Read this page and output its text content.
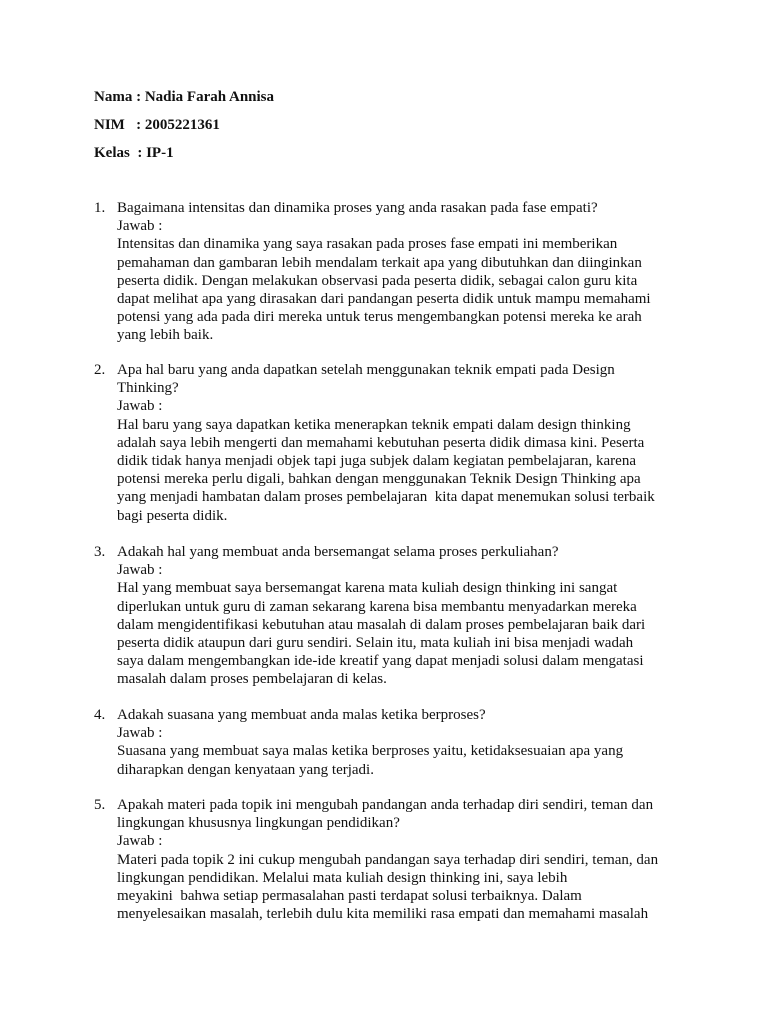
Nama : Nadia Farah Annisa
NIM   : 2005221361
Kelas  : IP-1
1. Bagaimana intensitas dan dinamika proses yang anda rasakan pada fase empati?
Jawab :
Intensitas dan dinamika yang saya rasakan pada proses fase empati ini memberikan
pemahaman dan gambaran lebih mendalam terkait apa yang dibutuhkan dan diinginkan
peserta didik. Dengan melakukan observasi pada peserta didik, sebagai calon guru kita
dapat melihat apa yang dirasakan dari pandangan peserta didik untuk mampu memahami
potensi yang ada pada diri mereka untuk terus mengembangkan potensi mereka ke arah
yang lebih baik.
2. Apa hal baru yang anda dapatkan setelah menggunakan teknik empati pada Design
Thinking?
Jawab :
Hal baru yang saya dapatkan ketika menerapkan teknik empati dalam design thinking
adalah saya lebih mengerti dan memahami kebutuhan peserta didik dimasa kini. Peserta
didik tidak hanya menjadi objek tapi juga subjek dalam kegiatan pembelajaran, karena
potensi mereka perlu digali, bahkan dengan menggunakan Teknik Design Thinking apa
yang menjadi hambatan dalam proses pembelajaran  kita dapat menemukan solusi terbaik
bagi peserta didik.
3. Adakah hal yang membuat anda bersemangat selama proses perkuliahan?
Jawab :
Hal yang membuat saya bersemangat karena mata kuliah design thinking ini sangat
diperlukan untuk guru di zaman sekarang karena bisa membantu menyadarkan mereka
dalam mengidentifikasi kebutuhan atau masalah di dalam proses pembelajaran baik dari
peserta didik ataupun dari guru sendiri. Selain itu, mata kuliah ini bisa menjadi wadah
saya dalam mengembangkan ide-ide kreatif yang dapat menjadi solusi dalam mengatasi
masalah dalam proses pembelajaran di kelas.
4. Adakah suasana yang membuat anda malas ketika berproses?
Jawab :
Suasana yang membuat saya malas ketika berproses yaitu, ketidaksesuaian apa yang
diharapkan dengan kenyataan yang terjadi.
5. Apakah materi pada topik ini mengubah pandangan anda terhadap diri sendiri, teman dan
lingkungan khususnya lingkungan pendidikan?
Jawab :
Materi pada topik 2 ini cukup mengubah pandangan saya terhadap diri sendiri, teman, dan
lingkungan pendidikan. Melalui mata kuliah design thinking ini, saya lebih
meyakini  bahwa setiap permasalahan pasti terdapat solusi terbaiknya. Dalam
menyelesaikan masalah, terlebih dulu kita memiliki rasa empati dan memahami masalah
